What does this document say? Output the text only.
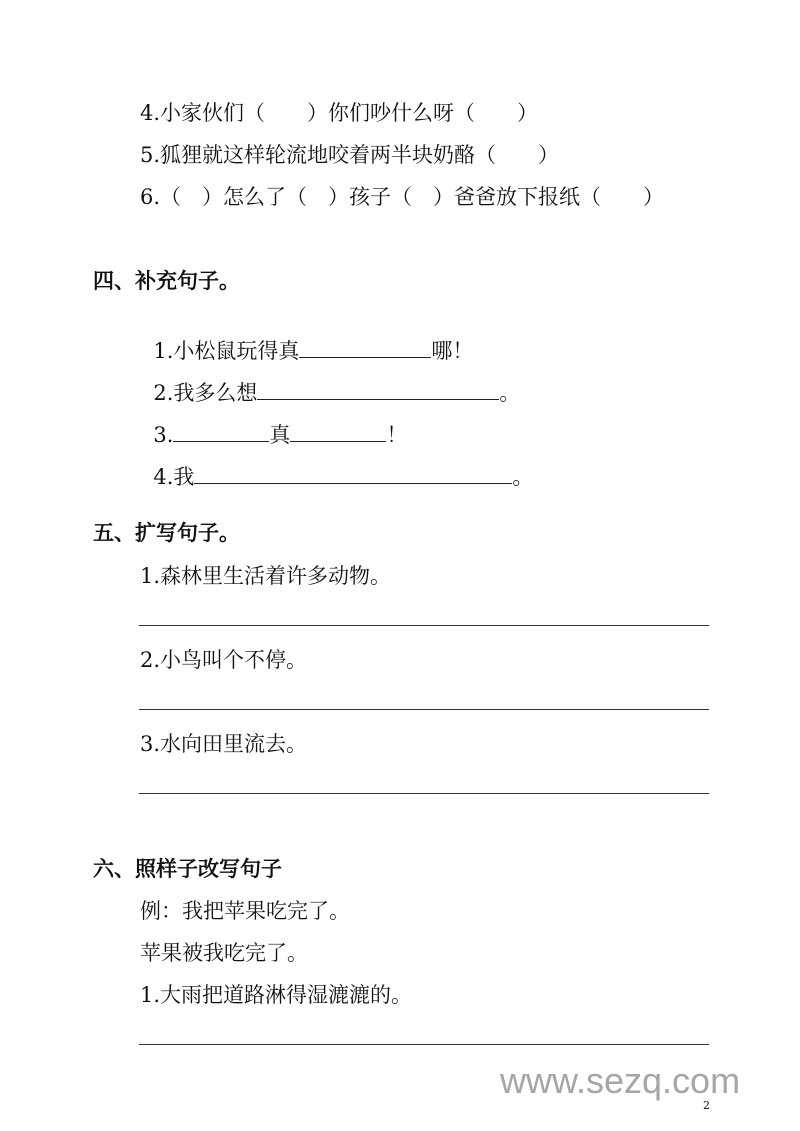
4.小家伙们（　　）你们吵什么呀（　　）
5.狐狸就这样轮流地咬着两半块奶酪（　　）
6.（　）怎么了（　）孩子（　）爸爸放下报纸（　　）
四、补充句子。

1.小松鼠玩得真	哪！

2.我多么想	。

3.	真	！

4.我	。

五、扩写句子。
1.森林里生活着许多动物。
2.小鸟叫个不停。
3.水向田里流去。
六、照样子改写句子
例：我把苹果吃完了。
苹果被我吃完了。
1.大雨把道路淋得湿漉漉的。
www.sezq.com
2
